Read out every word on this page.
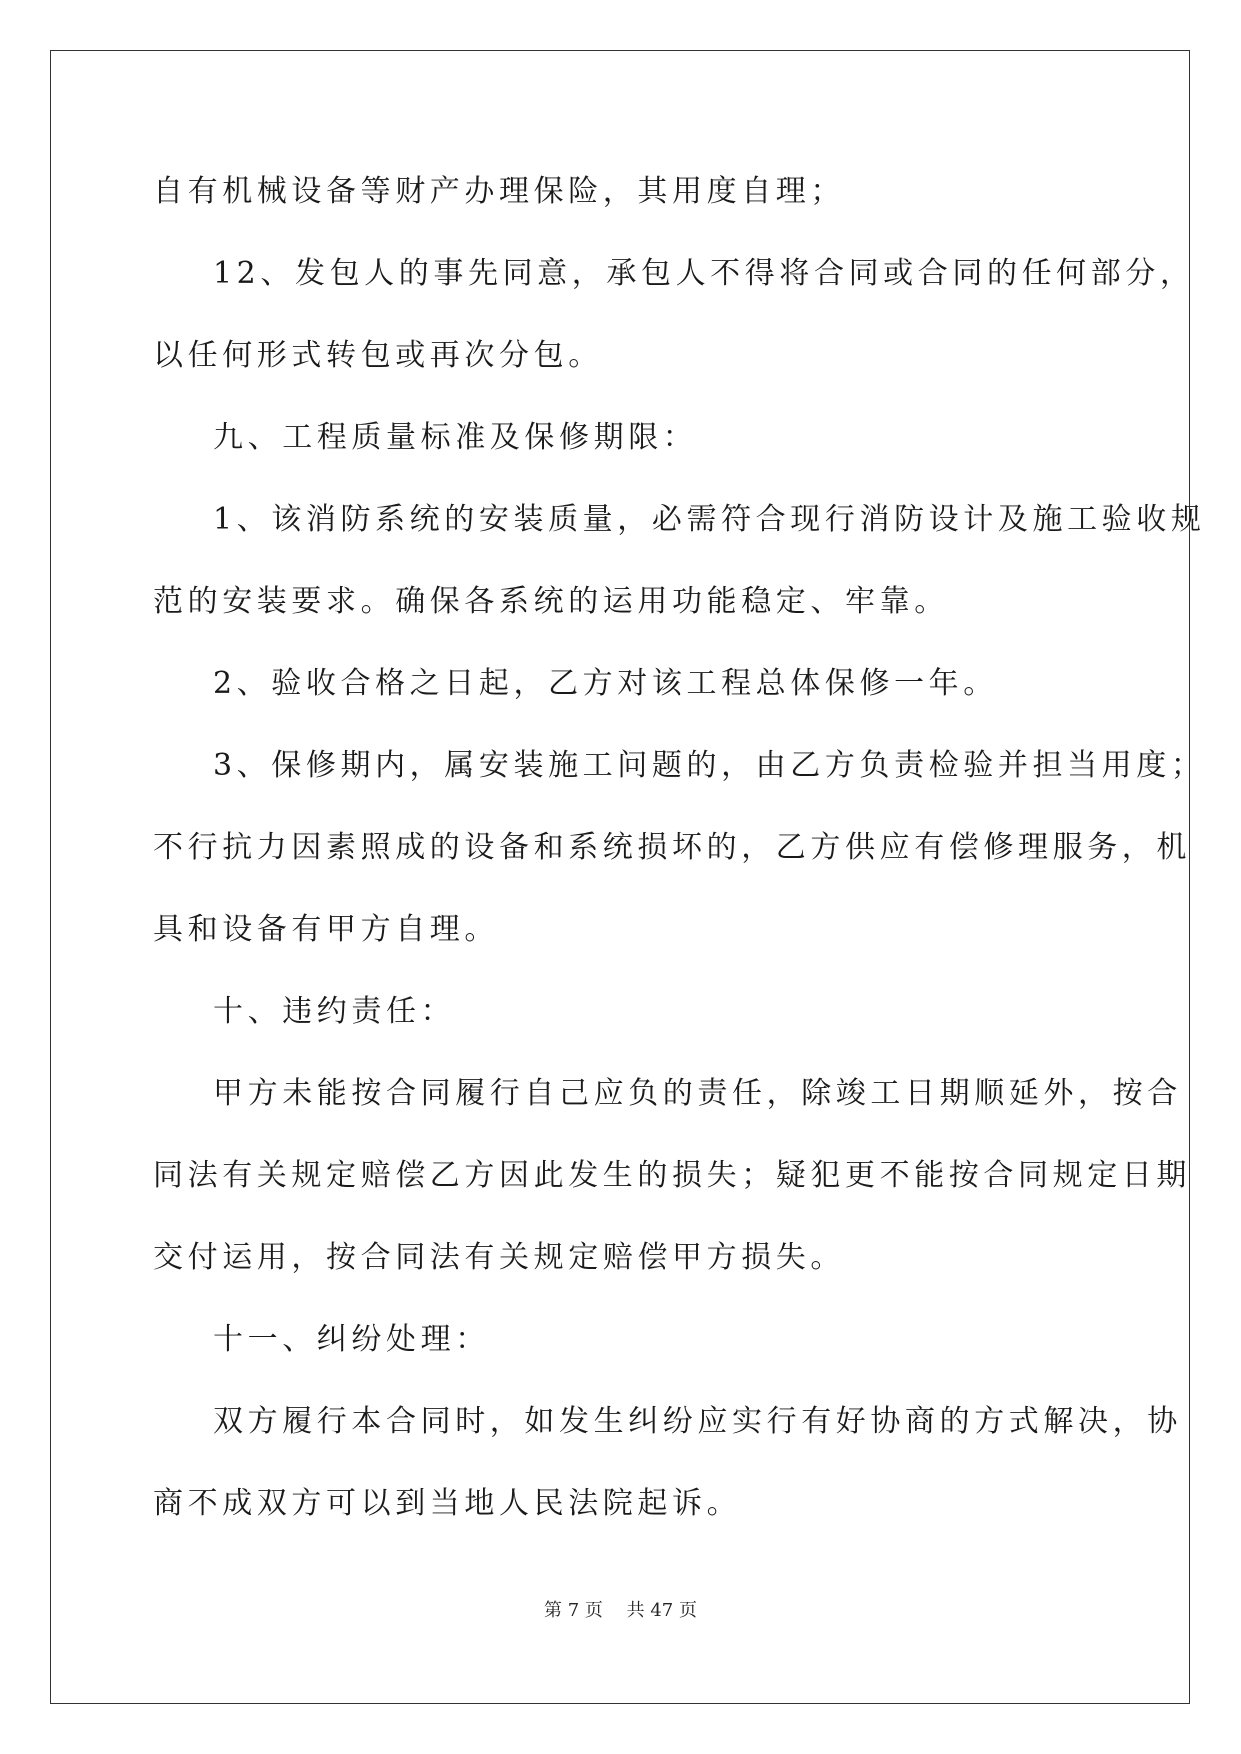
自有机械设备等财产办理保险，其用度自理；

12、发包人的事先同意，承包人不得将合同或合同的任何部分，

以任何形式转包或再次分包。

九、工程质量标准及保修期限：

1、该消防系统的安装质量，必需符合现行消防设计及施工验收规

范的安装要求。确保各系统的运用功能稳定、牢靠。

2、验收合格之日起，乙方对该工程总体保修一年。

3、保修期内，属安装施工问题的，由乙方负责检验并担当用度；

不行抗力因素照成的设备和系统损坏的，乙方供应有偿修理服务，机

具和设备有甲方自理。

十、违约责任：

甲方未能按合同履行自己应负的责任，除竣工日期顺延外，按合

同法有关规定赔偿乙方因此发生的损失；疑犯更不能按合同规定日期

交付运用，按合同法有关规定赔偿甲方损失。

十一、纠纷处理：

双方履行本合同时，如发生纠纷应实行有好协商的方式解决，协

商不成双方可以到当地人民法院起诉。

第 7 页　 共 47 页
